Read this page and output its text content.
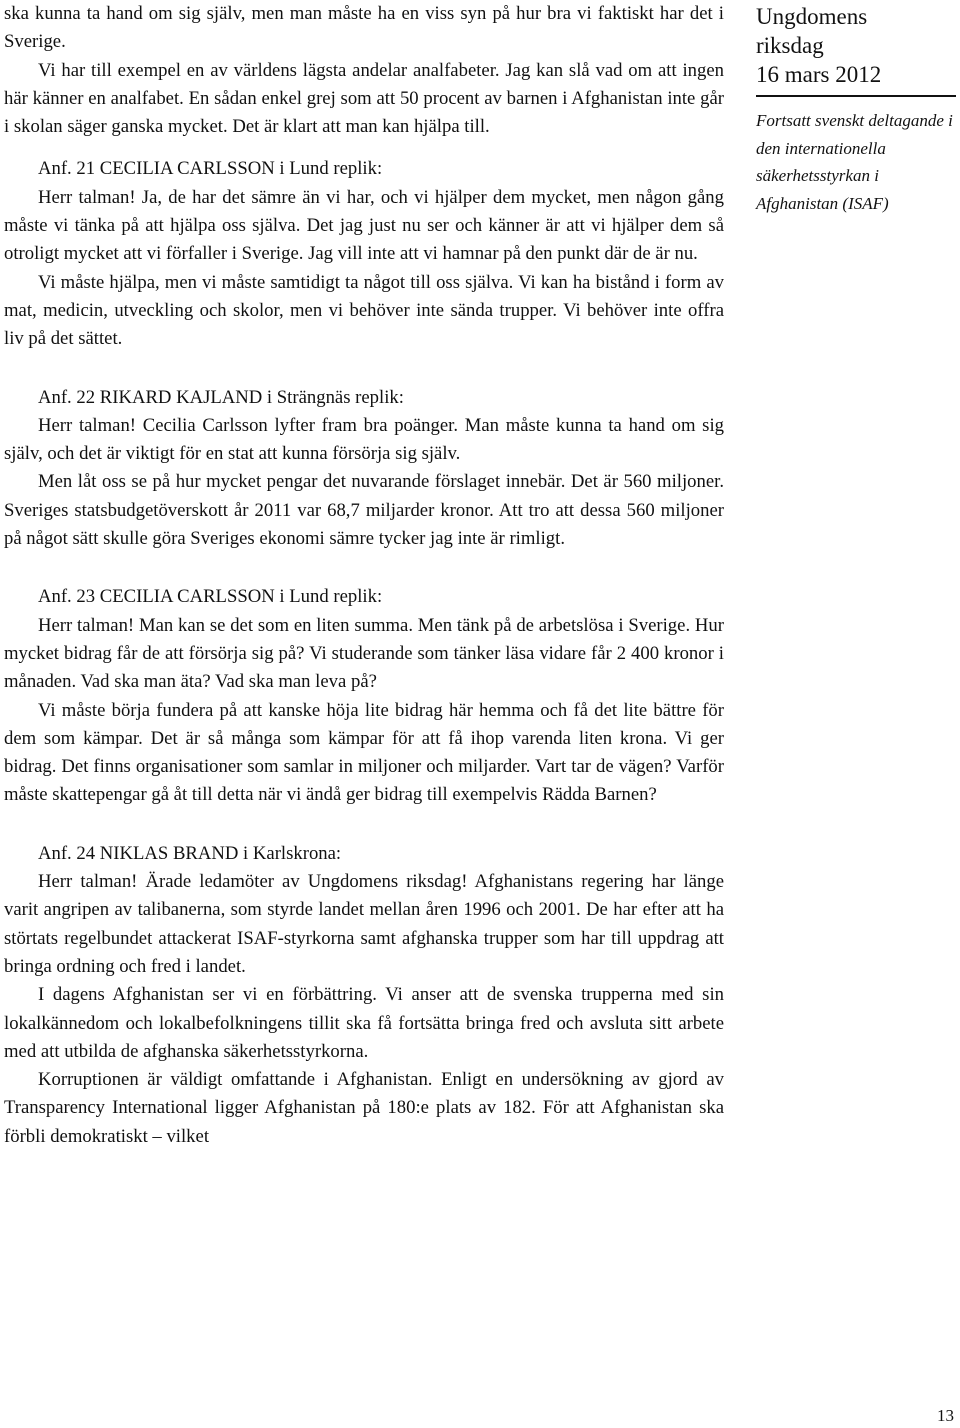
ska kunna ta hand om sig själv, men man måste ha en viss syn på hur bra vi faktiskt har det i Sverige.

Vi har till exempel en av världens lägsta andelar analfabeter. Jag kan slå vad om att ingen här känner en analfabet. En sådan enkel grej som att 50 procent av barnen i Afghanistan inte går i skolan säger ganska mycket. Det är klart att man kan hjälpa till.

Anf. 21 CECILIA CARLSSON i Lund replik:

Herr talman! Ja, de har det sämre än vi har, och vi hjälper dem mycket, men någon gång måste vi tänka på att hjälpa oss själva. Det jag just nu ser och känner är att vi hjälper dem så otroligt mycket att vi förfaller i Sverige. Jag vill inte att vi hamnar på den punkt där de är nu.

Vi måste hjälpa, men vi måste samtidigt ta något till oss själva. Vi kan ha bistånd i form av mat, medicin, utveckling och skolor, men vi behöver inte sända trupper. Vi behöver inte offra liv på det sättet.

Anf. 22 RIKARD KAJLAND i Strängnäs replik:

Herr talman! Cecilia Carlsson lyfter fram bra poänger. Man måste kunna ta hand om sig själv, och det är viktigt för en stat att kunna försörja sig själv.

Men låt oss se på hur mycket pengar det nuvarande förslaget innebär. Det är 560 miljoner. Sveriges statsbudgetöverskott år 2011 var 68,7 miljarder kronor. Att tro att dessa 560 miljoner på något sätt skulle göra Sveriges ekonomi sämre tycker jag inte är rimligt.

Anf. 23 CECILIA CARLSSON i Lund replik:

Herr talman! Man kan se det som en liten summa. Men tänk på de arbetslösa i Sverige. Hur mycket bidrag får de att försörja sig på? Vi studerande som tänker läsa vidare får 2 400 kronor i månaden. Vad ska man äta? Vad ska man leva på?

Vi måste börja fundera på att kanske höja lite bidrag här hemma och få det lite bättre för dem som kämpar. Det är så många som kämpar för att få ihop varenda liten krona. Vi ger bidrag. Det finns organisationer som samlar in miljoner och miljarder. Vart tar de vägen? Varför måste skattepengar gå åt till detta när vi ändå ger bidrag till exempelvis Rädda Barnen?

Anf. 24 NIKLAS BRAND i Karlskrona:

Herr talman! Ärade ledamöter av Ungdomens riksdag! Afghanistans regering har länge varit angripen av talibanerna, som styrde landet mellan åren 1996 och 2001. De har efter att ha störtats regelbundet attackerat ISAF-styrkorna samt afghanska trupper som har till uppdrag att bringa ordning och fred i landet.

I dagens Afghanistan ser vi en förbättring. Vi anser att de svenska trupperna med sin lokalkännedom och lokalbefolkningens tillit ska få fortsätta bringa fred och avsluta sitt arbete med att utbilda de afghanska säkerhetsstyrkorna.

Korruptionen är väldigt omfattande i Afghanistan. Enligt en undersökning av gjord av Transparency International ligger Afghanistan på 180:e plats av 182. För att Afghanistan ska förbli demokratiskt – vilket

Ungdomens

riksdag

16 mars 2012

Fortsatt svenskt deltagande i den internationella säkerhetsstyrkan i Afghanistan (ISAF)

13
